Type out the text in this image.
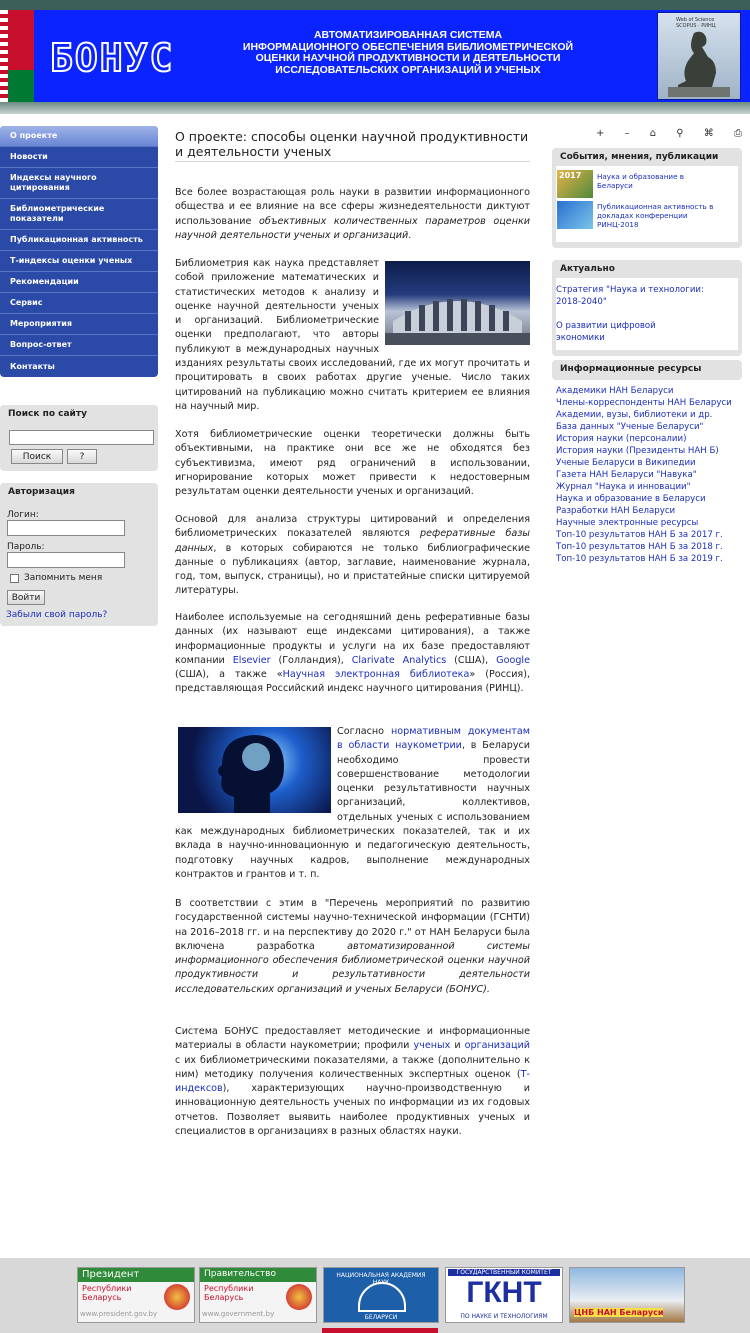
БОНУС
АВТОМАТИЗИРОВАННАЯ СИСТЕМА
ИНФОРМАЦИОННОГО ОБЕСПЕЧЕНИЯ БИБЛИОМЕТРИЧЕСКОЙ
ОЦЕНКИ НАУЧНОЙ ПРОДУКТИВНОСТИ И ДЕЯТЕЛЬНОСТИ
ИССЛЕДОВАТЕЛЬСКИХ ОРГАНИЗАЦИЙ И УЧЕНЫХ
Web of Science
SCOPUS · РИНЦ
О проекте
Новости
Индексы научного цитирования
Библиометрические показатели
Публикационная активность
Т-индексы оценки ученых
Рекомендации
Сервис
Мероприятия
Вопрос-ответ
Контакты
Поиск по сайту
Поиск	?
Авторизация
Логин:
Пароль:
Запомнить меня
Войти
Забыли свой пароль?
О проекте: способы оценки научной продуктивности и деятельности ученых
Все более возрастающая роль науки в развитии информационного общества и ее влияние на все сферы жизнедеятельности диктуют использование объективных количественных параметров оценки научной деятельности ученых и организаций.
Библиометрия как наука представляет собой приложение математических и статистических методов к анализу и оценке научной деятельности ученых и организаций. Библиометрические оценки предполагают, что авторы публикуют в международных научных изданиях результаты своих исследований, где их могут прочитать и процитировать в своих работах другие ученые. Число таких цитирований на публикацию можно считать критерием ее влияния на научный мир.
Хотя библиометрические оценки теоретически должны быть объективными, на практике они все же не обходятся без субъективизма, имеют ряд ограничений в использовании, игнорирование которых может привести к недостоверным результатам оценки деятельности ученых и организаций.
Основой для анализа структуры цитирований и определения библиометрических показателей являются реферативные базы данных, в которых собираются не только библиографические данные о публикациях (автор, заглавие, наименование журнала, год, том, выпуск, страницы), но и пристатейные списки цитируемой литературы.
Наиболее используемые на сегодняшний день реферативные базы данных (их называют еще индексами цитирования), а также информационные продукты и услуги на их базе предоставляют компании Elsevier (Голландия), Clarivate Analytics (США), Google (США), а также «Научная электронная библиотека» (Россия), представляющая Российский индекс научного цитирования (РИНЦ).
Согласно нормативным документам в области наукометрии, в Беларуси необходимо провести совершенствование методологии оценки результативности научных организаций, коллективов, отдельных ученых с использованием как международных библиометрических показателей, так и их вклада в научно-инновационную и педагогическую деятельность, подготовку научных кадров, выполнение международных контрактов и грантов и т. п.
В соответствии с этим в "Перечень мероприятий по развитию государственной системы научно-технической информации (ГСНТИ) на 2016–2018 гг. и на перспективу до 2020 г." от НАН Беларуси была включена разработка автоматизированной системы информационного обеспечения библиометрической оценки научной продуктивности и результативности деятельности исследовательских организаций и ученых Беларуси (БОНУС).
Система БОНУС предоставляет методические и информационные материалы в области наукометрии; профили ученых и организаций с их библиометрическими показателями, а также (дополнительно к ним) методику получения количественных экспертных оценок (Т-индексов), характеризующих научно-производственную и инновационную деятельность ученых по информации из их годовых отчетов. Позволяет выявить наиболее продуктивных ученых и специалистов в организациях в разных областях науки.
+ – ⌂ ⚲ ⌘ ⎙
События, мнения, публикации
2017	Наука и образование в Беларуси
Публикационная активность в докладах конференции РИНЦ-2018
Актуально
Стратегия "Наука и технологии: 2018-2040"
О развитии цифровой экономики
Информационные ресурсы
Академики НАН Беларуси
Члены-корреспонденты НАН Беларуси
Академии, вузы, библиотеки и др.
База данных "Ученые Беларуси"
История науки (персоналии)
История науки (Президенты НАН Б)
Ученые Беларуси в Википедии
Газета НАН Беларуси "Навука"
Журнал "Наука и инновации"
Наука и образование в Беларуси
Разработки НАН Беларуси
Научные электронные ресурсы
Топ-10 результатов НАН Б за 2017 г.
Топ-10 результатов НАН Б за 2018 г.
Топ-10 результатов НАН Б за 2019 г.
Президент
Республики
Беларусь
www.president.gov.by
Правительство
Республики
Беларусь
www.government.by
НАЦИОНАЛЬНАЯ АКАДЕМИЯ НАУК
БЕЛАРУСИ
ГОСУДАРСТВЕННЫЙ КОМИТЕТ
ГКНТ
ПО НАУКЕ И ТЕХНОЛОГИЯМ	ЦНБ НАН Беларуси
